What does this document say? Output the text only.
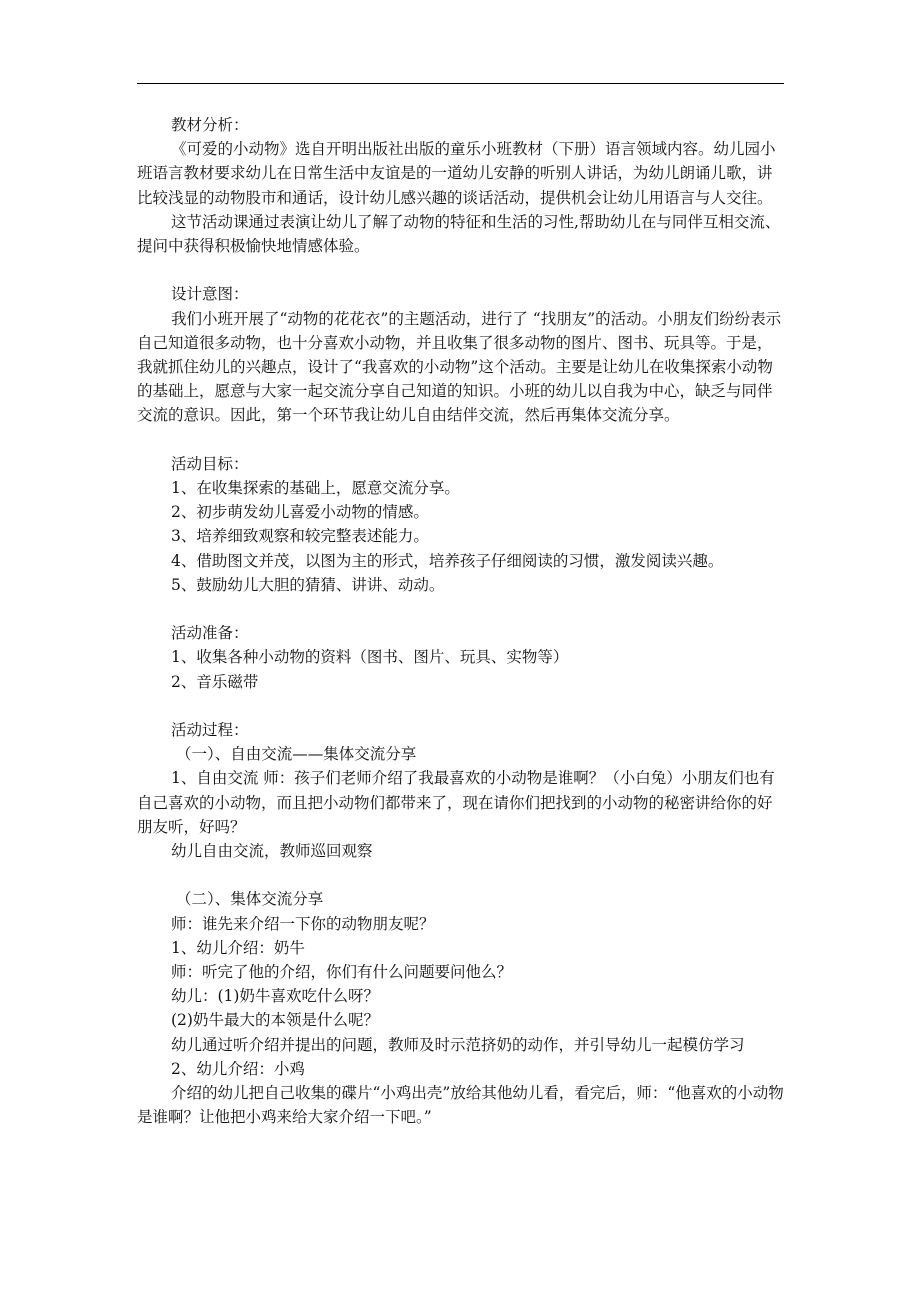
教材分析：

《可爱的小动物》选自开明出版社出版的童乐小班教材（下册）语言领域内容。幼儿园小班语言教材要求幼儿在日常生活中友谊是的一道幼儿安静的听别人讲话，为幼儿朗诵儿歌，讲比较浅显的动物股市和通话，设计幼儿感兴趣的谈话活动，提供机会让幼儿用语言与人交往。

这节活动课通过表演让幼儿了解了动物的特征和生活的习性,帮助幼儿在与同伴互相交流、提问中获得积极愉快地情感体验。

设计意图：

我们小班开展了“动物的花花衣”的主题活动，进行了 “找朋友”的活动。小朋友们纷纷表示自己知道很多动物，也十分喜欢小动物，并且收集了很多动物的图片、图书、玩具等。于是，我就抓住幼儿的兴趣点，设计了“我喜欢的小动物”这个活动。主要是让幼儿在收集探索小动物的基础上，愿意与大家一起交流分享自己知道的知识。小班的幼儿以自我为中心，缺乏与同伴交流的意识。因此，第一个环节我让幼儿自由结伴交流，然后再集体交流分享。

活动目标：

1、在收集探索的基础上，愿意交流分享。

2、初步萌发幼儿喜爱小动物的情感。

3、培养细致观察和较完整表述能力。

4、借助图文并茂，以图为主的形式，培养孩子仔细阅读的习惯，激发阅读兴趣。

5、鼓励幼儿大胆的猜猜、讲讲、动动。

活动准备：

1、收集各种小动物的资料（图书、图片、玩具、实物等）

2、音乐磁带

活动过程：

（一）、自由交流——集体交流分享

1、自由交流 师：孩子们老师介绍了我最喜欢的小动物是谁啊？（小白兔）小朋友们也有自己喜欢的小动物，而且把小动物们都带来了，现在请你们把找到的小动物的秘密讲给你的好朋友听，好吗？

幼儿自由交流，教师巡回观察

（二）、集体交流分享

师：谁先来介绍一下你的动物朋友呢？

1、幼儿介绍：奶牛

师：听完了他的介绍，你们有什么问题要问他么？

幼儿：(1)奶牛喜欢吃什么呀？

(2)奶牛最大的本领是什么呢？

幼儿通过听介绍并提出的问题，教师及时示范挤奶的动作，并引导幼儿一起模仿学习

2、幼儿介绍：小鸡

介绍的幼儿把自己收集的碟片“小鸡出壳”放给其他幼儿看，看完后，师：“他喜欢的小动物是谁啊？让他把小鸡来给大家介绍一下吧。”
